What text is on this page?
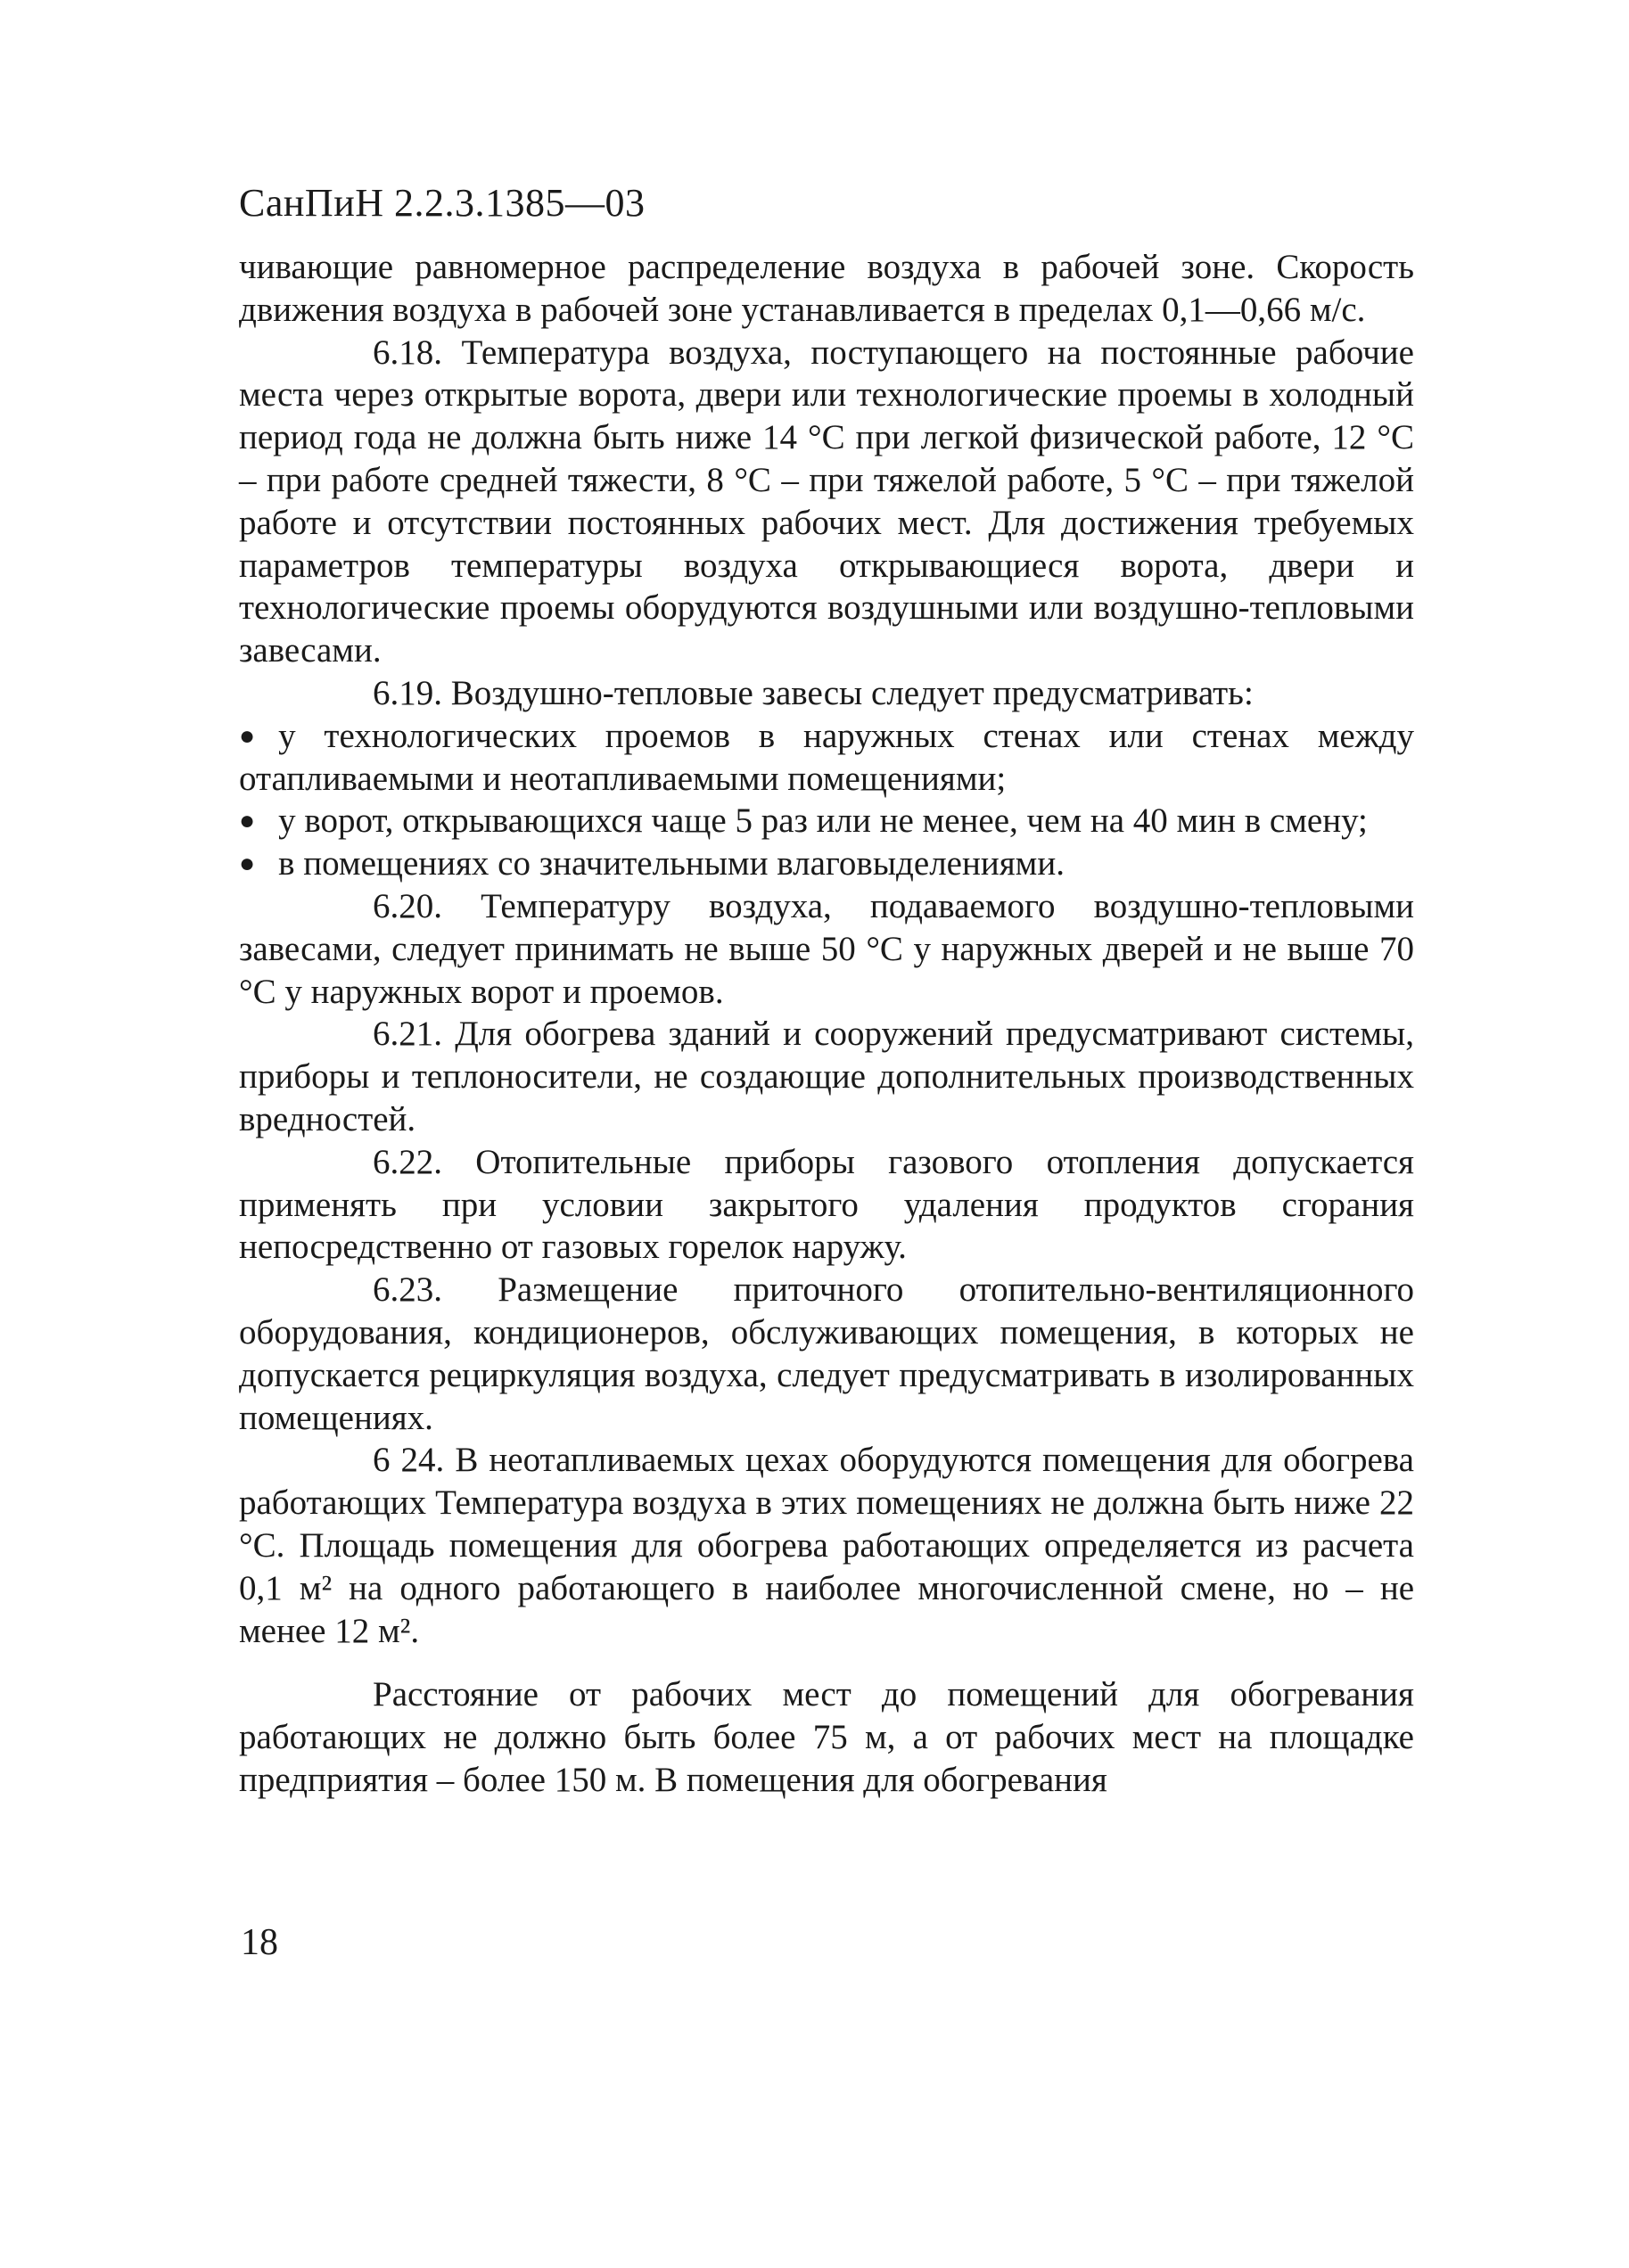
СанПиН 2.2.3.1385—03

чивающие равномерное распределение воздуха в рабочей зоне. Скорость движения воздуха в рабочей зоне устанавливается в пределах 0,1—0,66 м/с.

6.18. Температура воздуха, поступающего на постоянные рабочие места через открытые ворота, двери или технологические проемы в холодный период года не должна быть ниже 14 °С при легкой физической работе, 12 °С – при работе средней тяжести, 8 °С – при тяжелой работе, 5 °С – при тяжелой работе и отсутствии постоянных рабочих мест. Для достижения требуемых параметров температуры воздуха открывающиеся ворота, двери и технологические проемы оборудуются воздушными или воздушно-тепловыми завесами.

6.19. Воздушно-тепловые завесы следует предусматривать:

● у технологических проемов в наружных стенах или стенах между отапливаемыми и неотапливаемыми помещениями;

● у ворот, открывающихся чаще 5 раз или не менее, чем на 40 мин в смену;

● в помещениях со значительными влаговыделениями.

6.20. Температуру воздуха, подаваемого воздушно-тепловыми завесами, следует принимать не выше 50 °С у наружных дверей и не выше 70 °С у наружных ворот и проемов.

6.21. Для обогрева зданий и сооружений предусматривают системы, приборы и теплоносители, не создающие дополнительных производственных вредностей.

6.22. Отопительные приборы газового отопления допускается применять при условии закрытого удаления продуктов сгорания непосредственно от газовых горелок наружу.

6.23. Размещение приточного отопительно-вентиляционного оборудования, кондиционеров, обслуживающих помещения, в которых не допускается рециркуляция воздуха, следует предусматривать в изолированных помещениях.

6 24. В неотапливаемых цехах оборудуются помещения для обогрева работающих Температура воздуха в этих помещениях не должна быть ниже 22 °С. Площадь помещения для обогрева работающих определяется из расчета 0,1 м² на одного работающего в наиболее многочисленной смене, но – не менее 12 м².

Расстояние от рабочих мест до помещений для обогревания работающих не должно быть более 75 м, а от рабочих мест на площадке предприятия – более 150 м. В помещения для обогревания

18
